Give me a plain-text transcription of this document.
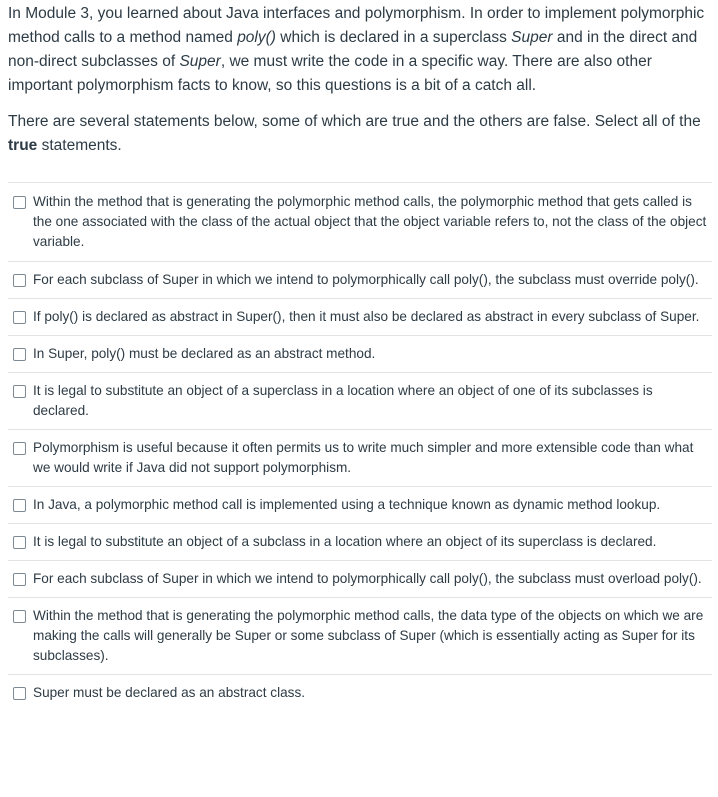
In Module 3, you learned about Java interfaces and polymorphism. In order to implement polymorphic method calls to a method named poly() which is declared in a superclass Super and in the direct and non-direct subclasses of Super, we must write the code in a specific way. There are also other important polymorphism facts to know, so this questions is a bit of a catch all.

There are several statements below, some of which are true and the others are false. Select all of the true statements.

Within the method that is generating the polymorphic method calls, the polymorphic method that gets called is the one associated with the class of the actual object that the object variable refers to, not the class of the object variable.
For each subclass of Super in which we intend to polymorphically call poly(), the subclass must override poly().
If poly() is declared as abstract in Super(), then it must also be declared as abstract in every subclass of Super.
In Super, poly() must be declared as an abstract method.
It is legal to substitute an object of a superclass in a location where an object of one of its subclasses is declared.
Polymorphism is useful because it often permits us to write much simpler and more extensible code than what we would write if Java did not support polymorphism.
In Java, a polymorphic method call is implemented using a technique known as dynamic method lookup.
It is legal to substitute an object of a subclass in a location where an object of its superclass is declared.
For each subclass of Super in which we intend to polymorphically call poly(), the subclass must overload poly().
Within the method that is generating the polymorphic method calls, the data type of the objects on which we are making the calls will generally be Super or some subclass of Super (which is essentially acting as Super for its subclasses).
Super must be declared as an abstract class.
